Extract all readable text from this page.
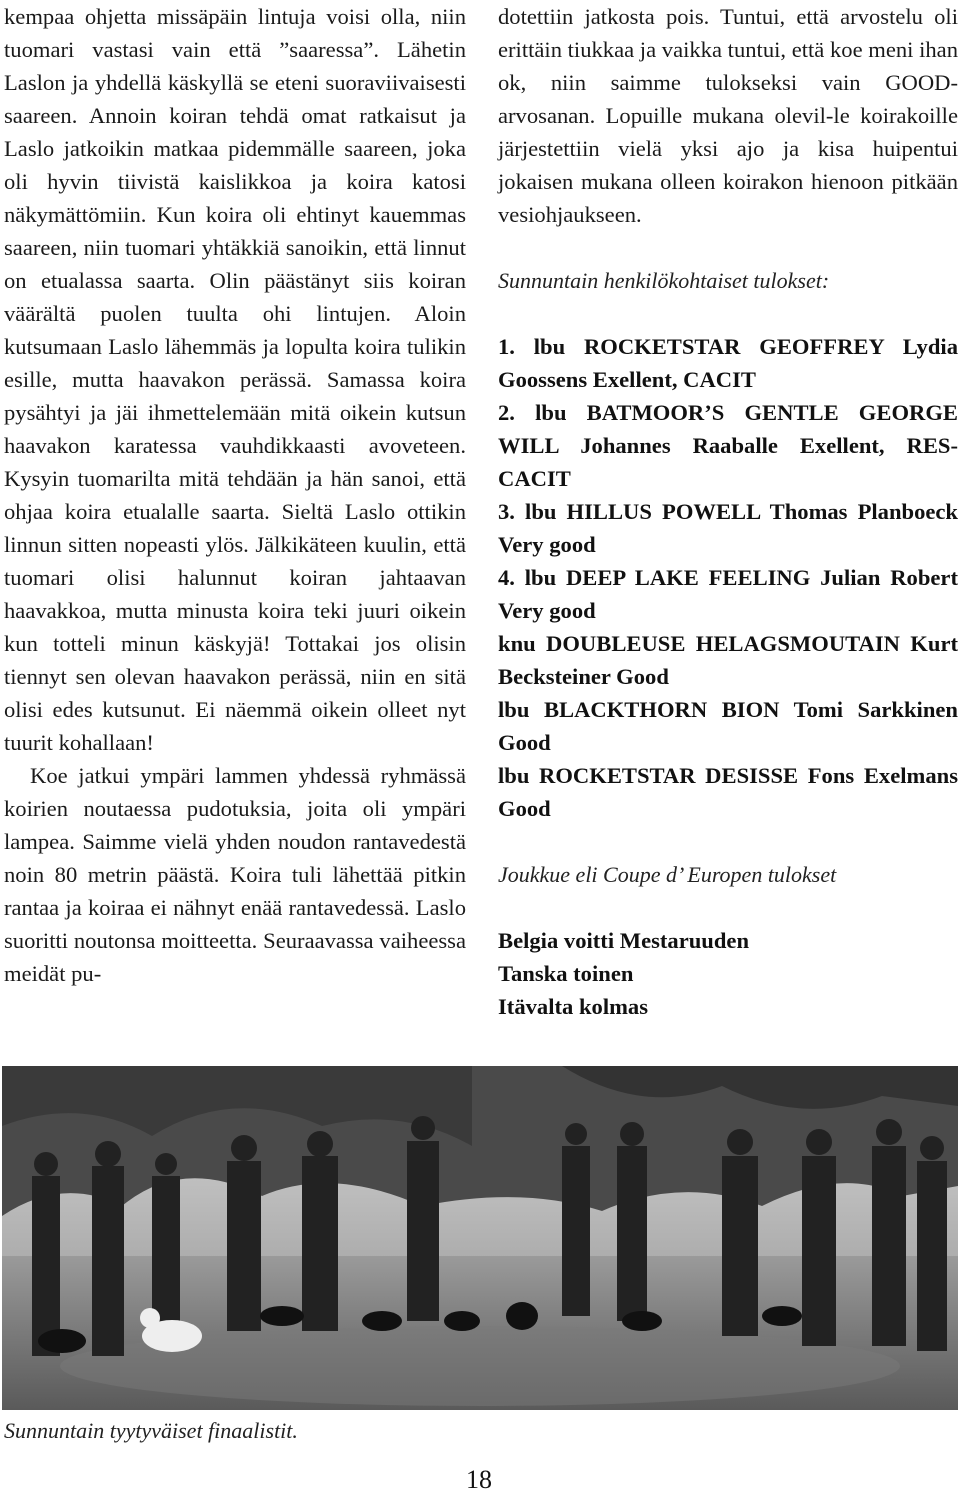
kempaa ohjetta missäpäin lintuja voisi olla, niin tuomari vastasi vain että ”saaressa”. Lähetin Laslon ja yhdellä käskyllä se eteni suoraviivaisesti saareen. Annoin koiran tehdä omat ratkaisut ja Laslo jatkoikin matkaa pidemmälle saareen, joka oli hyvin tiivistä kaislikkoa ja koira katosi näkymättömiin. Kun koira oli ehtinyt kauemmas saareen, niin tuomari yhtäkkiä sanoikin, että linnut on etualassa saarta. Olin päästänyt siis koiran väärältä puolen tuulta ohi lintujen. Aloin kutsumaan Laslo lähemmäs ja lopulta koira tulikin esille, mutta haavakon perässä. Samassa koira pysähtyi ja jäi ihmettelemään mitä oikein kutsun haavakon karatessa vauhdikkaasti avoveteen. Kysyin tuomarilta mitä tehdään ja hän sanoi, että ohjaa koira etualalle saarta. Sieltä Laslo ottikin linnun sitten nopeasti ylös. Jälkikäteen kuulin, että tuomari olisi halunnut koiran jahtaavan haavakkoa, mutta minusta koira teki juuri oikein kun totteli minun käskyjä! Tottakai jos olisin tiennyt sen olevan haavakon perässä, niin en sitä olisi edes kutsunut. Ei näemmä oikein olleet nyt tuurit kohallaan!

Koe jatkui ympäri lammen yhdessä ryhmässä koirien noutaessa pudotuksia, joita oli ympäri lampea. Saimme vielä yhden noudon rantavedestä noin 80 metrin päästä. Koira tuli lähettää pitkin rantaa ja koiraa ei nähnyt enää rantavedessä. Laslo suoritti noutonsa moitteetta. Seuraavassa vaiheessa meidät pu-

dotettiin jatkosta pois. Tuntui, että arvostelu oli erittäin tiukkaa ja vaikka tuntui, että koe meni ihan ok, niin saimme tulokseksi vain GOOD-arvosanan. Lopuille mukana olevil-le koirakoille järjestettiin vielä yksi ajo ja kisa huipentui jokaisen mukana olleen koirakon hienoon pitkään vesiohjaukseen.

Sunnuntain henkilökohtaiset tulokset:

1. lbu ROCKETSTAR GEOFFREY Lydia Goossens Exellent, CACIT
2. lbu BATMOOR’S GENTLE GEORGE WILL Johannes Raaballe Exellent, RES-CACIT
3. lbu HILLUS POWELL Thomas Planboeck Very good
4. lbu DEEP LAKE FEELING Julian Robert Very good
knu DOUBLEUSE HELAGSMOUTAIN Kurt Becksteiner Good
lbu BLACKTHORN BION Tomi Sarkkinen Good
lbu ROCKETSTAR DESISSE Fons Exelmans Good

Joukkue eli Coupe d’ Europen tulokset

Belgia voitti Mestaruuden

Tanska toinen

Itävalta kolmas

Sunnuntain tyytyväiset finaalistit.
18
